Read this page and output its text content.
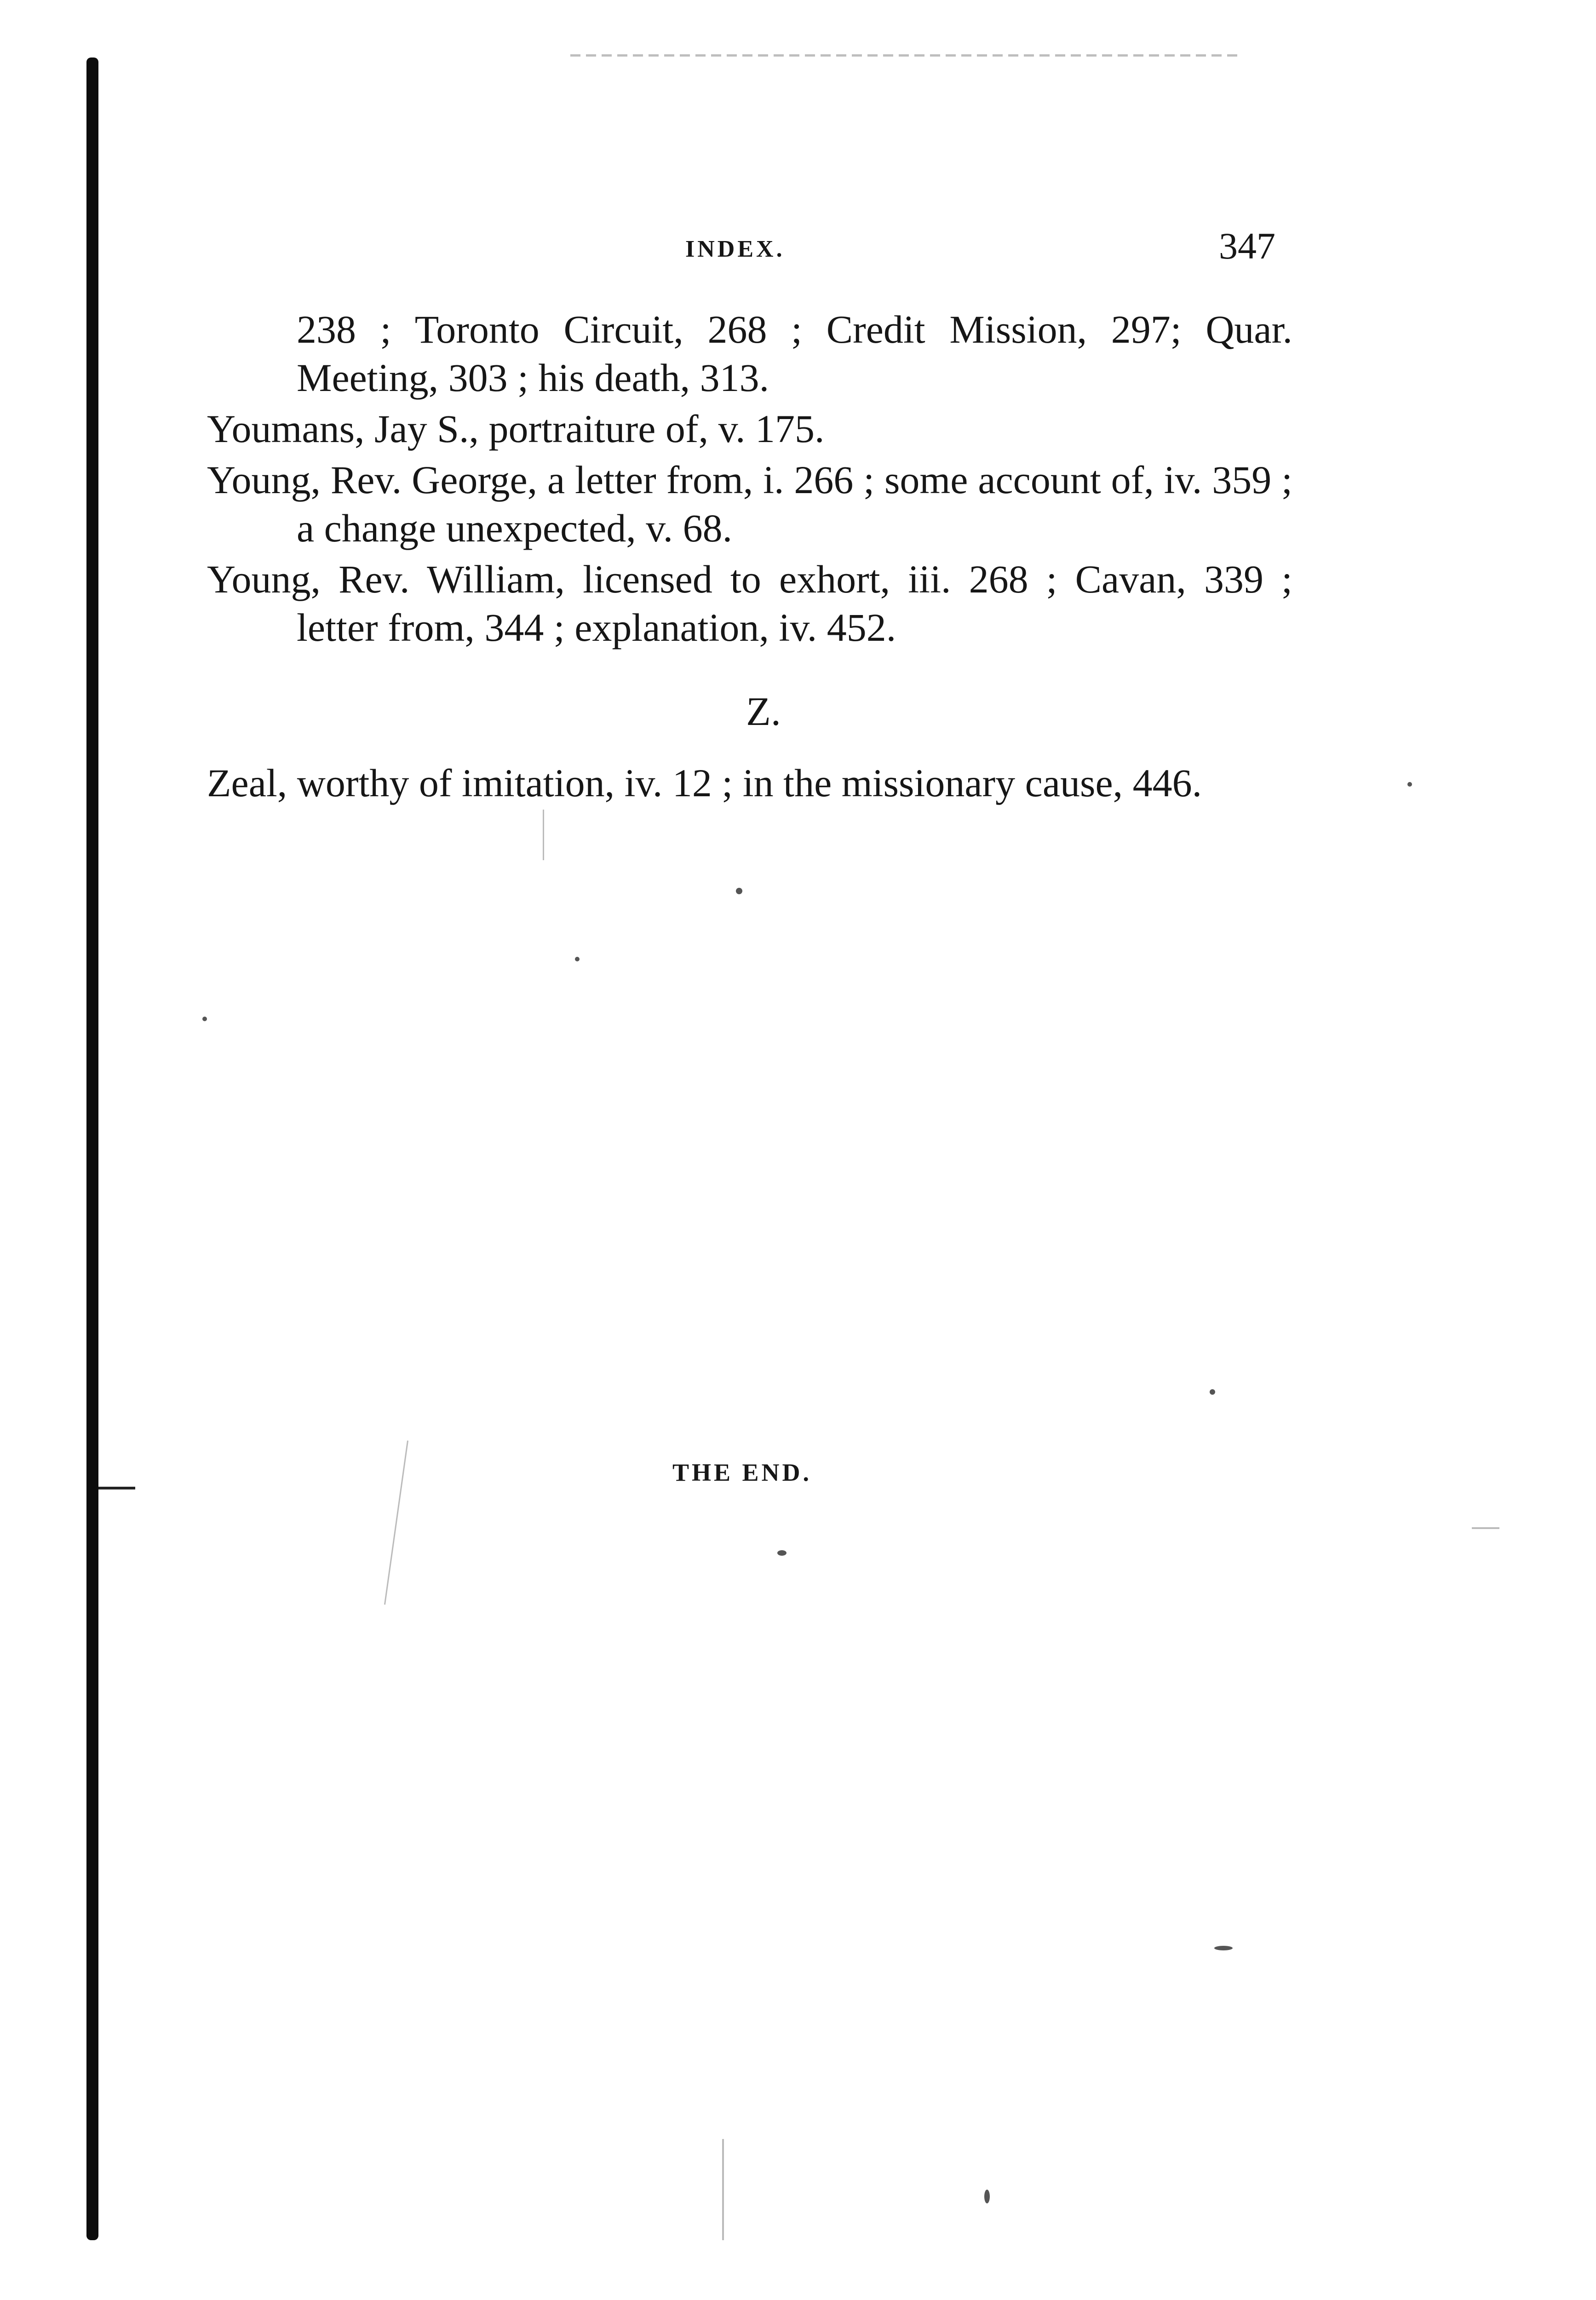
INDEX.	347

238 ; Toronto Circuit, 268 ; Credit Mission, 297; Quar. Meeting, 303 ; his death, 313.

Youmans, Jay S., portraiture of, v. 175.

Young, Rev. George, a letter from, i. 266 ; some account of, iv. 359 ; a change unexpected, v. 68.

Young, Rev. William, licensed to exhort, iii. 268 ; Cavan, 339 ; letter from, 344 ; explanation, iv. 452.

Z.

Zeal, worthy of imitation, iv. 12 ; in the missionary cause, 446.

THE END.
